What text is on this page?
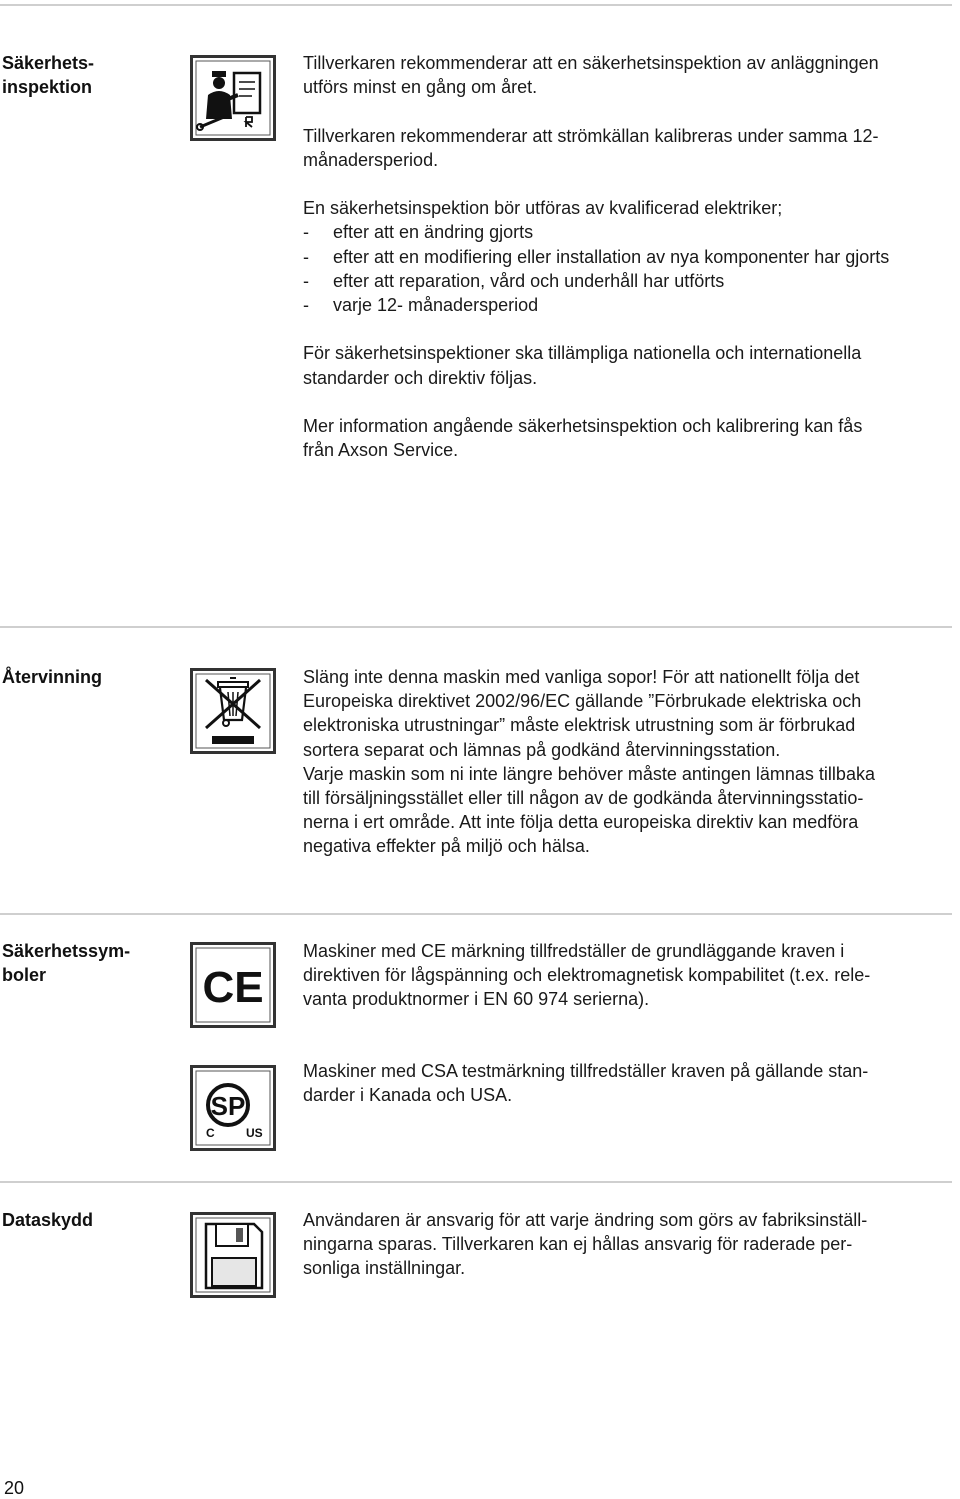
Säkerhets-
inspektion

Tillverkaren rekommenderar att en säkerhetsinspektion av anläggningen
utförs minst en gång om året.

Tillverkaren rekommenderar att strömkällan kalibreras under samma 12-
månadersperiod.

En säkerhetsinspektion bör utföras av kvalificerad elektriker;

- efter att en ändring gjorts
- efter att en modifiering eller installation av nya komponenter har gjorts
- efter att reparation, vård och underhåll har utförts
- varje 12- månadersperiod

För säkerhetsinspektioner ska tillämpliga nationella och internationella
standarder och direktiv följas.

Mer information angående säkerhetsinspektion och kalibrering kan fås
från Axson Service.

Återvinning	Släng inte denna maskin med vanliga sopor! För att nationellt följa det

Europeiska direktivet 2002/96/EC gällande ”Förbrukade elektriska och

elektroniska utrustningar” måste elektrisk utrustning som är förbrukad

sortera separat och lämnas på godkänd återvinningsstation.

Varje maskin som ni inte längre behöver måste antingen lämnas tillbaka

till försäljningsstället eller till någon av de godkända återvinningsstatio-

nerna i ert område. Att inte följa detta europeiska direktiv kan medföra

negativa effekter på miljö och hälsa.

Säkerhetssym-
boler	CE

Maskiner med CE märkning tillfredställer de grundläggande kraven i

direktiven för lågspänning och elektromagnetisk kompabilitet (t.ex. rele-

vanta produktnormer i EN 60 974 serierna).

SP
C	US

Maskiner med CSA testmärkning tillfredställer kraven på gällande stan-

darder i Kanada och USA.

Dataskydd	Användaren är ansvarig för att varje ändring som görs av fabriksinställ-

ningarna sparas. Tillverkaren kan ej hållas ansvarig för raderade per-

sonliga inställningar.

20
